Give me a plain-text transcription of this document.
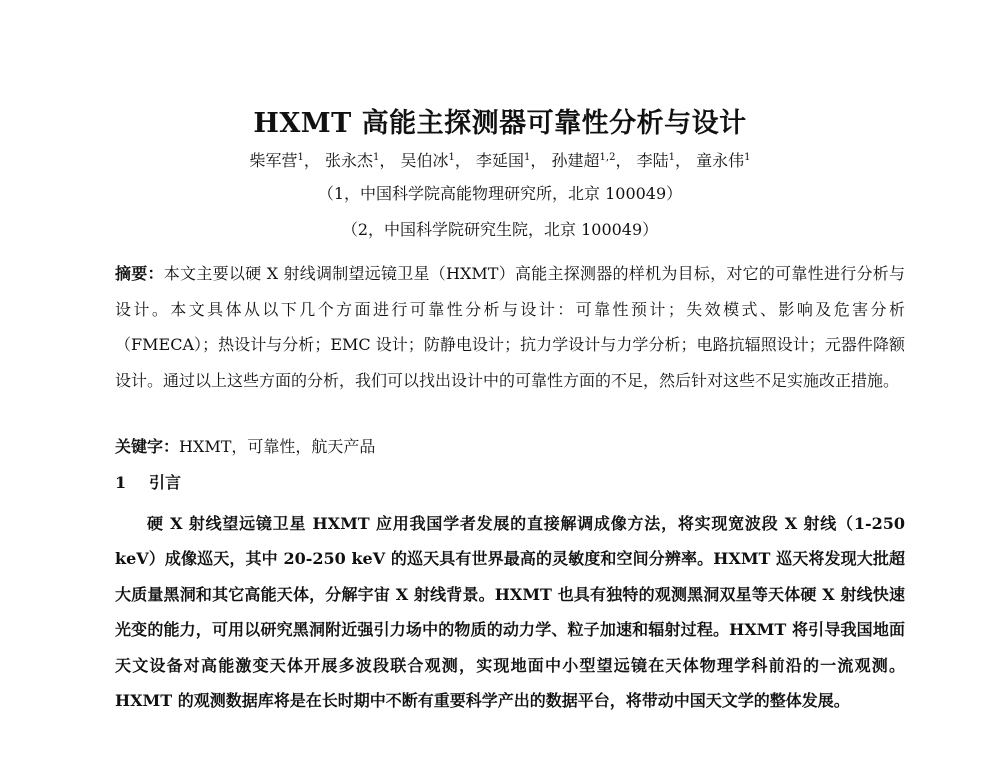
HXMT 高能主探测器可靠性分析与设计
柴军营$^1$， 张永杰$^1$， 吴伯冰$^1$， 李延国$^1$， 孙建超$^{1,2}$， 李陆$^1$， 童永伟$^1$
（1，中国科学院高能物理研究所，北京 100049）
（2，中国科学院研究生院，北京 100049）
摘要：本文主要以硬 X 射线调制望远镜卫星（HXMT）高能主探测器的样机为目标，对它的可靠性进行分析与设计。本文具体从以下几个方面进行可靠性分析与设计：可靠性预计；失效模式、影响及危害分析（FMECA）；热设计与分析；EMC 设计；防静电设计；抗力学设计与力学分析；电路抗辐照设计；元器件降额设计。通过以上这些方面的分析，我们可以找出设计中的可靠性方面的不足，然后针对这些不足实施改正措施。
关键字：HXMT，可靠性，航天产品
1 引言
硬 X 射线望远镜卫星 HXMT 应用我国学者发展的直接解调成像方法，将实现宽波段 X 射线（1-250 keV）成像巡天，其中 20-250 keV 的巡天具有世界最高的灵敏度和空间分辨率。HXMT 巡天将发现大批超大质量黑洞和其它高能天体，分解宇宙 X 射线背景。HXMT 也具有独特的观测黑洞双星等天体硬 X 射线快速光变的能力，可用以研究黑洞附近强引力场中的物质的动力学、粒子加速和辐射过程。HXMT 将引导我国地面天文设备对高能激变天体开展多波段联合观测，实现地面中小型望远镜在天体物理学科前沿的一流观测。HXMT 的观测数据库将是在长时期中不断有重要科学产出的数据平台，将带动中国天文学的整体发展。
